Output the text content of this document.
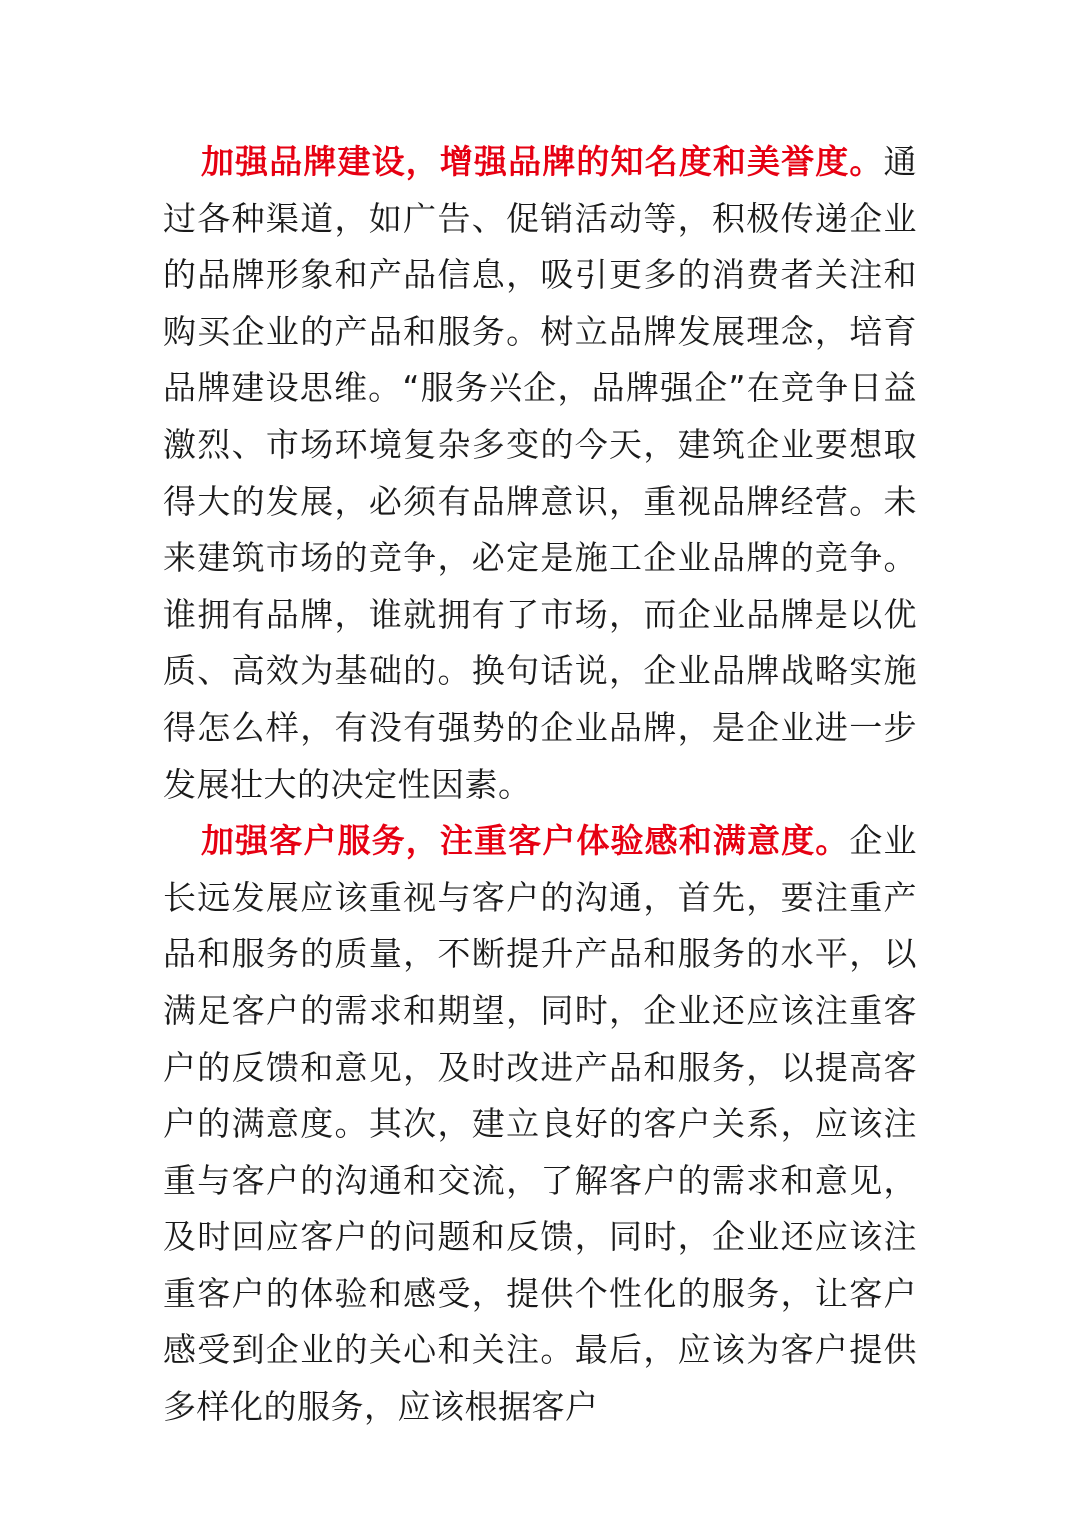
加强品牌建设，增强品牌的知名度和美誉度。通过各种渠道，如广告、促销活动等，积极传递企业的品牌形象和产品信息，吸引更多的消费者关注和购买企业的产品和服务。树立品牌发展理念，培育品牌建设思维。“服务兴企，品牌强企”在竞争日益激烈、市场环境复杂多变的今天，建筑企业要想取得大的发展，必须有品牌意识，重视品牌经营。未来建筑市场的竞争，必定是施工企业品牌的竞争。谁拥有品牌，谁就拥有了市场，而企业品牌是以优质、高效为基础的。换句话说，企业品牌战略实施得怎么样，有没有强势的企业品牌，是企业进一步发展壮大的决定性因素。

加强客户服务，注重客户体验感和满意度。企业长远发展应该重视与客户的沟通，首先，要注重产品和服务的质量，不断提升产品和服务的水平，以满足客户的需求和期望，同时，企业还应该注重客户的反馈和意见，及时改进产品和服务，以提高客户的满意度。其次，建立良好的客户关系，应该注重与客户的沟通和交流，了解客户的需求和意见，及时回应客户的问题和反馈，同时，企业还应该注重客户的体验和感受，提供个性化的服务，让客户感受到企业的关心和关注。最后，应该为客户提供多样化的服务，应该根据客户
